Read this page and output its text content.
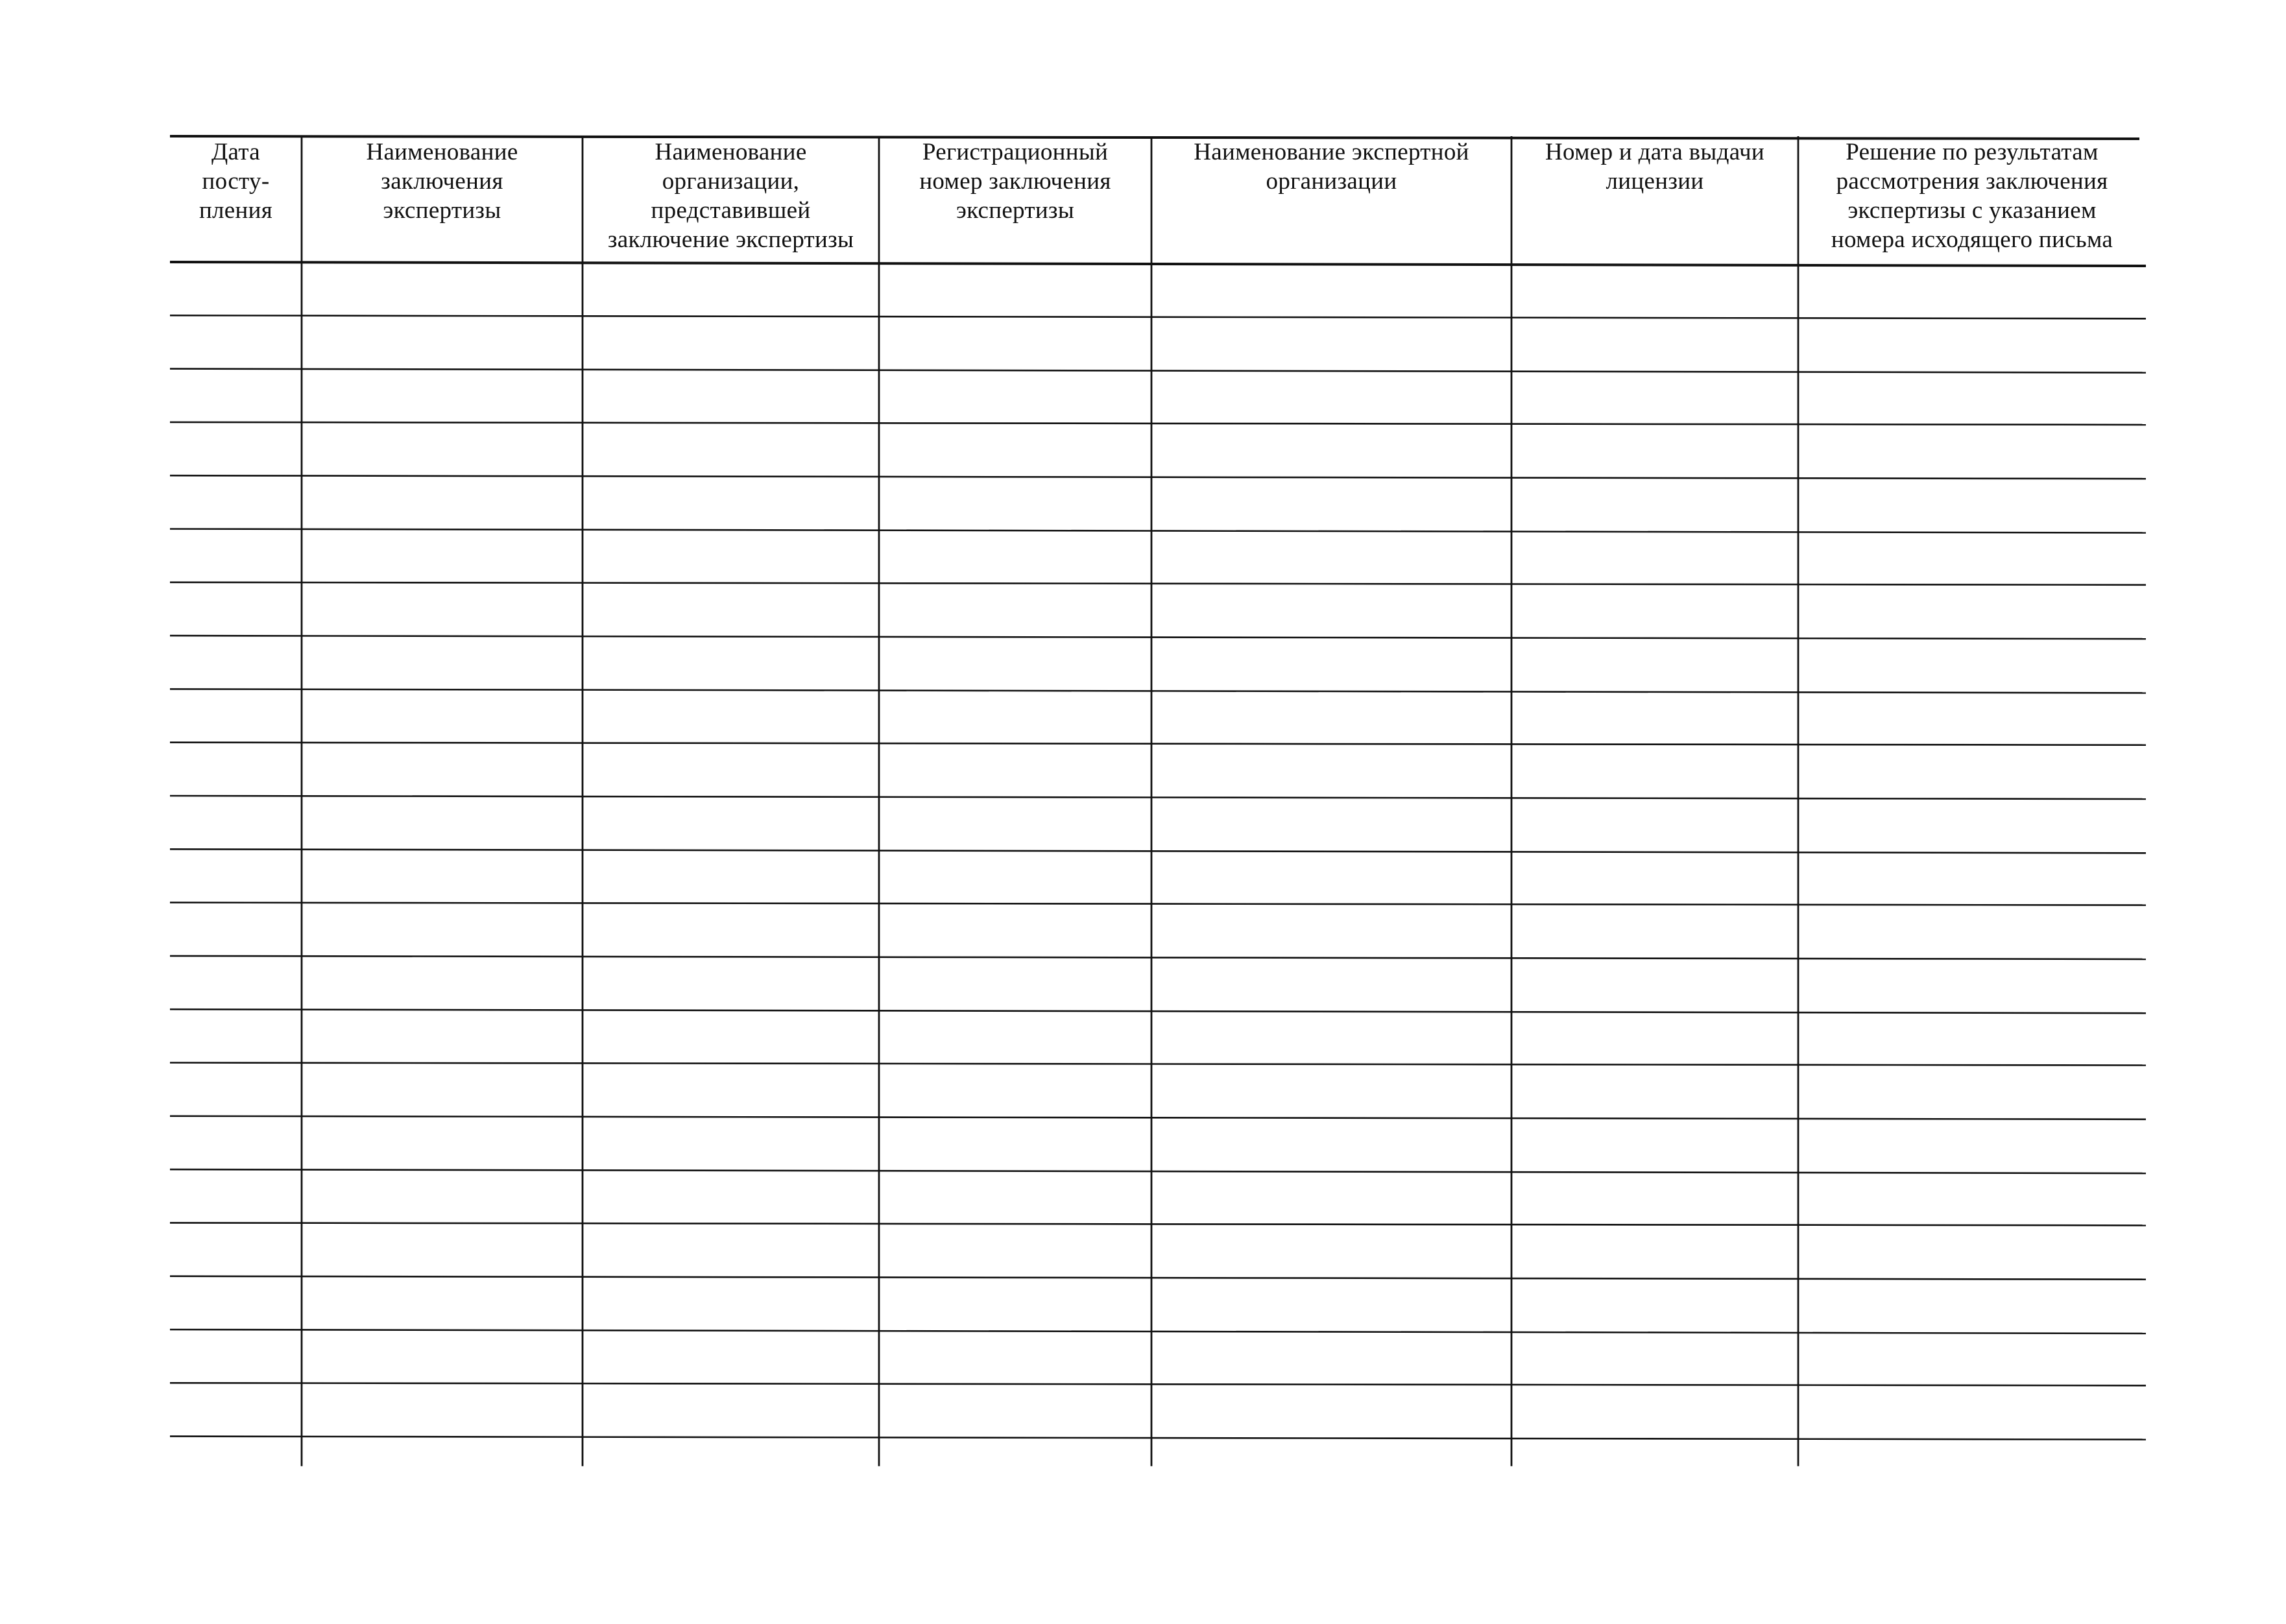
Дата
посту-
пления
Наименование
заключения
экспертизы
Наименование
организации,
представившей
заключение экспертизы
Регистрационный
номер заключения
экспертизы
Наименование экспертной
организации
Номер и дата выдачи
лицензии
Решение по результатам
рассмотрения заключения
экспертизы с указанием
номера исходящего письма
